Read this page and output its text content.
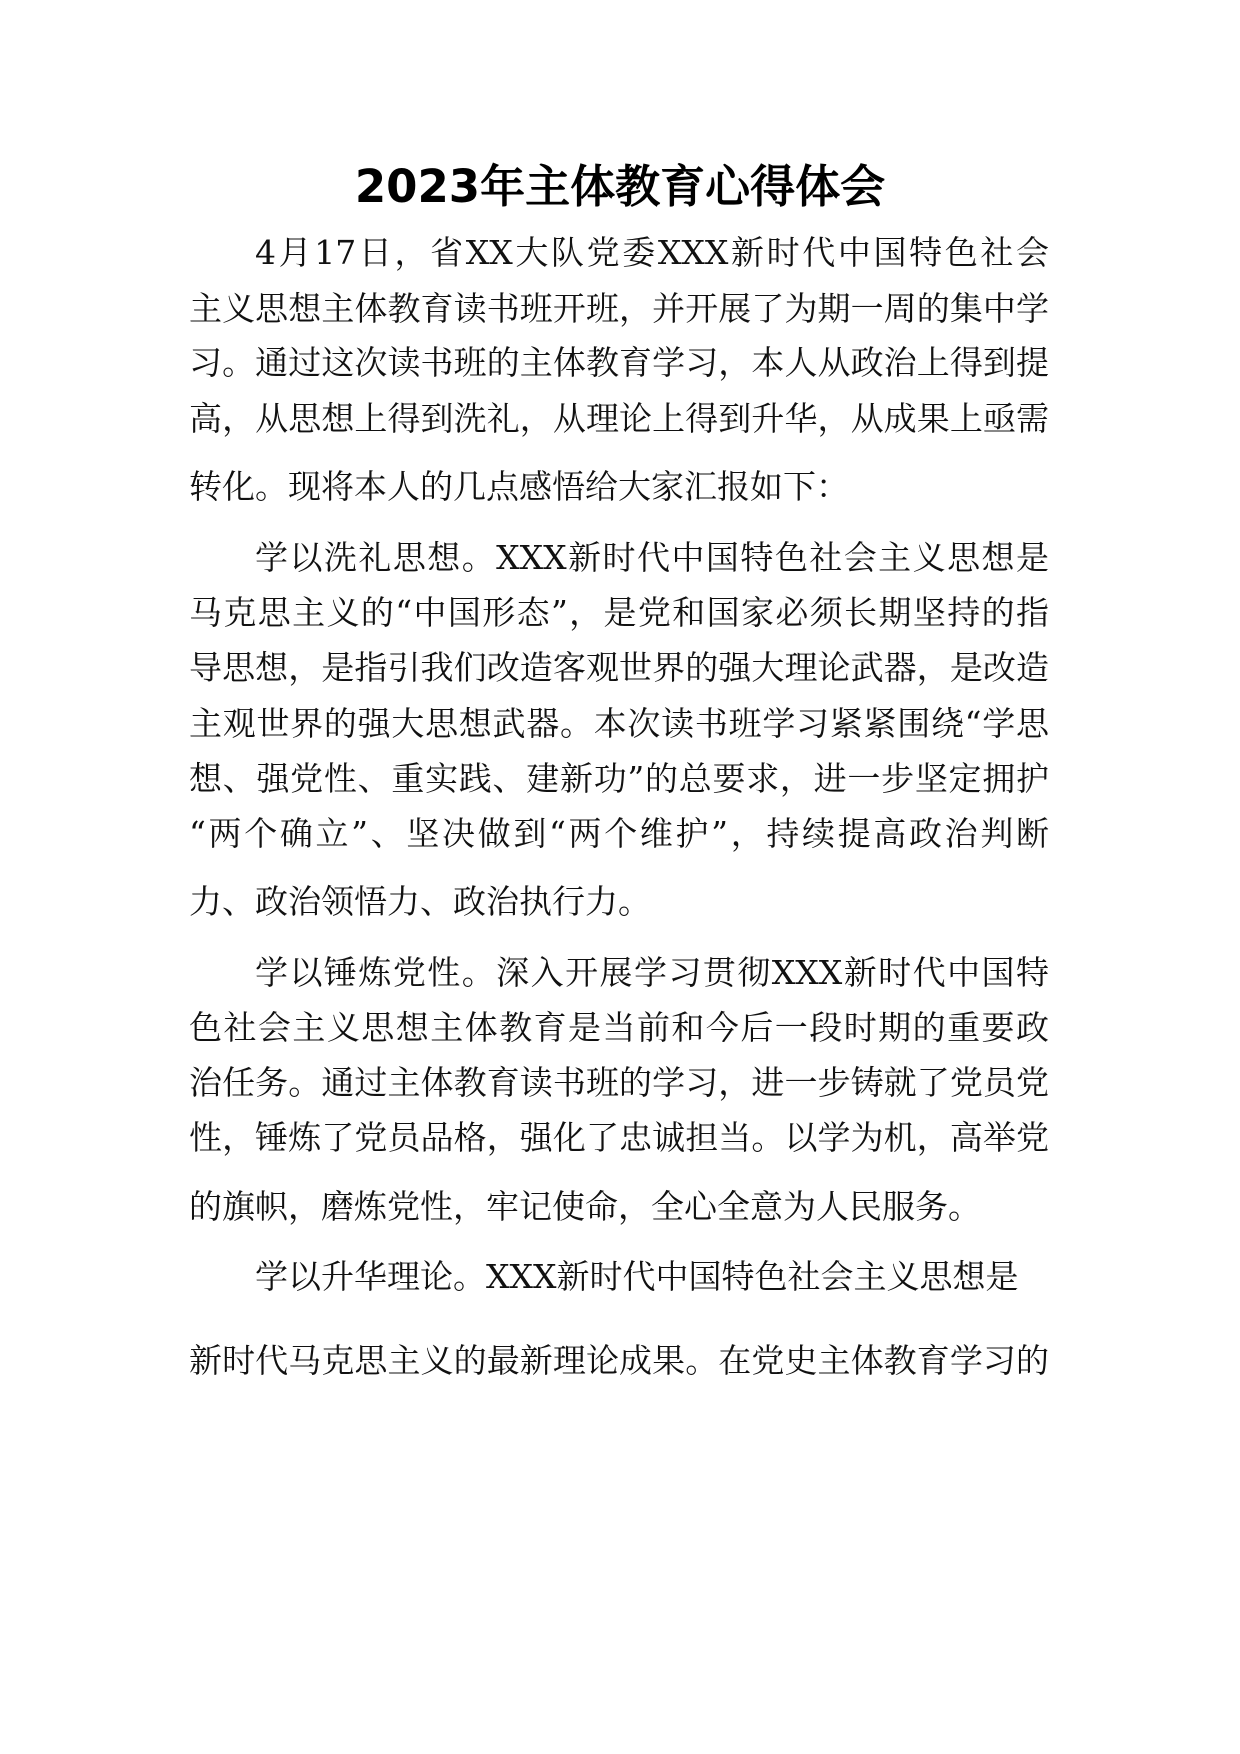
2023年主体教育心得体会
4月17日，省XX大队党委XXX新时代中国特色社会
主义思想主体教育读书班开班，并开展了为期一周的集中学
习。通过这次读书班的主体教育学习，本人从政治上得到提
高，从思想上得到洗礼，从理论上得到升华，从成果上亟需
转化。现将本人的几点感悟给大家汇报如下：
学以洗礼思想。XXX新时代中国特色社会主义思想是
马克思主义的“中国形态”，是党和国家必须长期坚持的指
导思想，是指引我们改造客观世界的强大理论武器，是改造
主观世界的强大思想武器。本次读书班学习紧紧围绕“学思
想、强党性、重实践、建新功”的总要求，进一步坚定拥护
“两个确立”、坚决做到“两个维护”，持续提高政治判断
力、政治领悟力、政治执行力。
学以锤炼党性。深入开展学习贯彻XXX新时代中国特
色社会主义思想主体教育是当前和今后一段时期的重要政
治任务。通过主体教育读书班的学习，进一步铸就了党员党
性，锤炼了党员品格，强化了忠诚担当。以学为机，高举党
的旗帜，磨炼党性，牢记使命，全心全意为人民服务。
学以升华理论。XXX新时代中国特色社会主义思想是
新时代马克思主义的最新理论成果。在党史主体教育学习的
